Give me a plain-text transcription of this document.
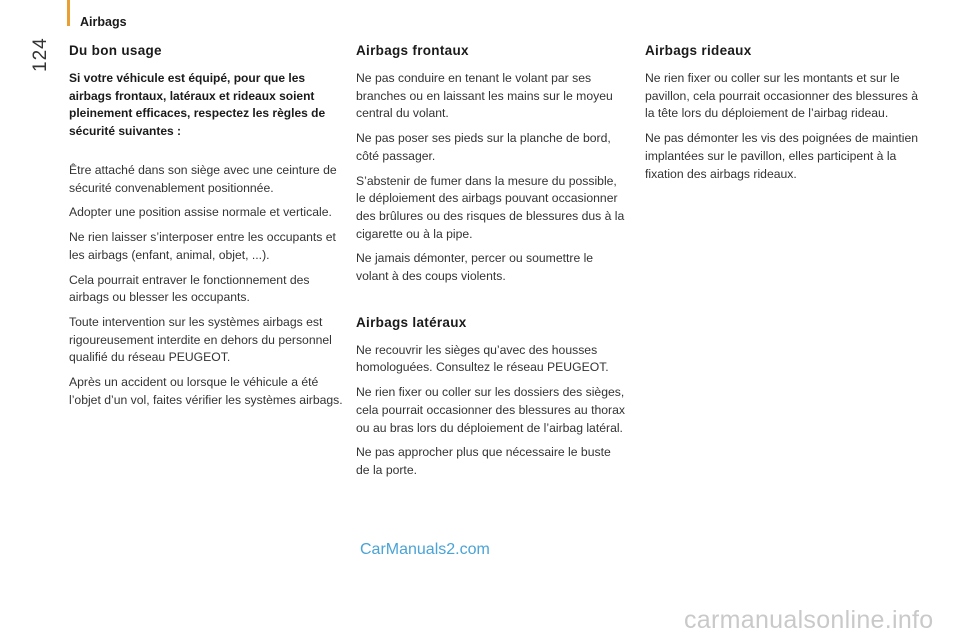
124
Airbags
Du bon usage
Si votre véhicule est équipé, pour que les airbags frontaux, latéraux et rideaux soient pleinement efficaces, respectez les règles de sécurité suivantes :

Être attaché dans son siège avec une ceinture de sécurité convenablement positionnée.

Adopter une position assise normale et verticale.

Ne rien laisser s’interposer entre les occupants et les airbags (enfant, animal, objet, ...).

Cela pourrait entraver le fonctionnement des airbags ou blesser les occupants.

Toute intervention sur les systèmes airbags est rigoureusement interdite en dehors du personnel qualifié du réseau PEUGEOT.

Après un accident ou lorsque le véhicule a été l’objet d’un vol, faites vérifier les systèmes airbags.

Airbags frontaux

Ne pas conduire en tenant le volant par ses branches ou en laissant les mains sur le moyeu central du volant.

Ne pas poser ses pieds sur la planche de bord, côté passager.

S’abstenir de fumer dans la mesure du possible, le déploiement des airbags pouvant occasionner des brûlures ou des risques de blessures dus à la cigarette ou à la pipe.

Ne jamais démonter, percer ou soumettre le volant à des coups violents.

Airbags latéraux

Ne recouvrir les sièges qu’avec des housses homologuées. Consultez le réseau PEUGEOT.

Ne rien fixer ou coller sur les dossiers des sièges, cela pourrait occasionner des blessures au thorax ou au bras lors du déploiement de l’airbag latéral.

Ne pas approcher plus que nécessaire le buste de la porte.

Airbags rideaux

Ne rien fixer ou coller sur les montants et sur le pavillon, cela pourrait occasionner des blessures à la tête lors du déploiement de l’airbag rideau.

Ne pas démonter les vis des poignées de maintien implantées sur le pavillon, elles participent à la fixation des airbags rideaux.

CarManuals2.com
carmanualsonline.info
